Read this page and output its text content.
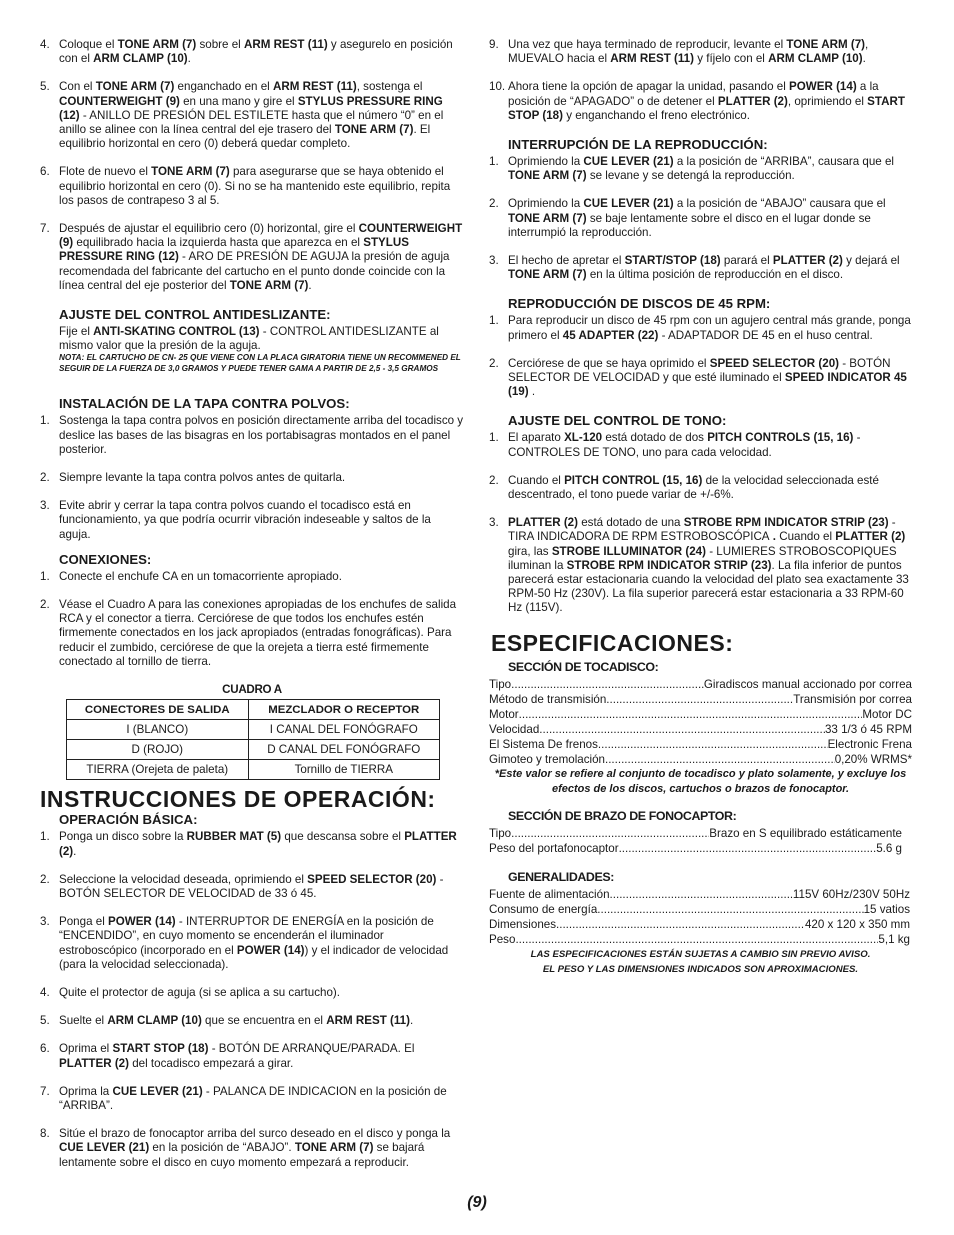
4. Coloque el TONE ARM (7) sobre el ARM REST (11) y asegurelo en posición con el ARM CLAMP (10).
5. Con el TONE ARM (7) enganchado en el ARM REST (11), sostenga el COUNTERWEIGHT (9) en una mano y gire el STYLUS PRESSURE RING (12) - ANILLO DE PRESIÓN DEL ESTILETE hasta que el número “0” en el anillo se alinee con la línea central del eje trasero del TONE ARM (7). El equilibrio horizontal en cero (0) deberá quedar completo.
6. Flote de nuevo el TONE ARM (7) para asegurarse que se haya obtenido el equilibrio horizontal en cero (0). Si no se ha mantenido este equilibrio, repita los pasos de contrapeso 3 al 5.
7. Después de ajustar el equilibrio cero (0) horizontal, gire el COUNTERWEIGHT (9) equilibrado hacia la izquierda hasta que aparezca en el STYLUS PRESSURE RING (12) - ARO DE PRESIÓN DE AGUJA la presión de aguja recomendada del fabricante del cartucho en el punto donde coincide con la línea central del eje posterior del TONE ARM (7).
AJUSTE DEL CONTROL ANTIDESLIZANTE:
Fije el ANTI-SKATING CONTROL (13) - CONTROL ANTIDESLIZANTE al mismo valor que la presión de la aguja.
NOTA: EL CARTUCHO DE CN- 25 QUE VIENE CON LA PLACA GIRATORIA TIENE UN RECOMMENED EL SEGUIR DE LA FUERZA DE 3,0 GRAMOS Y PUEDE TENER GAMA A PARTIR DE 2,5 - 3,5 GRAMOS
INSTALACIÓN DE LA TAPA CONTRA POLVOS:
1. Sostenga la tapa contra polvos en posición directamente arriba del tocadisco y deslice las bases de las bisagras en los portabisagras montados en el panel posterior.
2. Siempre levante la tapa contra polvos antes de quitarla.
3. Evite abrir y cerrar la tapa contra polvos cuando el tocadisco está en funcionamiento, ya que podría ocurrir vibración indeseable y saltos de la aguja.
CONEXIONES:
1. Conecte el enchufe CA en un tomacorriente apropiado.
2. Véase el Cuadro A para las conexiones apropiadas de los enchufes de salida RCA y el conector a tierra. Cerciórese de que todos los enchufes estén firmemente conectados en los jack apropiados (entradas fonográficas). Para reducir el zumbido, cerciórese de que la orejeta a tierra esté firmemente conectado al tornillo de tierra.
CUADRO A
CONECTORES DE SALIDA	MEZCLADOR O RECEPTOR
I (BLANCO)	I CANAL DEL FONÓGRAFO
D (ROJO)	D CANAL DEL FONÓGRAFO
TIERRA (Orejeta de paleta)	Tornillo de TIERRA
INSTRUCCIONES DE OPERACIÓN:
OPERACIÓN BÁSICA:
1. Ponga un disco sobre la RUBBER MAT (5) que descansa sobre el PLATTER (2).
2. Seleccione la velocidad deseada, oprimiendo el SPEED SELECTOR (20) - BOTÓN SELECTOR DE VELOCIDAD de 33 ó 45.
3. Ponga el POWER (14) - INTERRUPTOR DE ENERGÍA en la posición de “ENCENDIDO”, en cuyo momento se encenderán el iluminador estroboscópico (incorporado en el POWER (14)) y el indicador de velocidad (para la velocidad seleccionada).
4. Quite el protector de aguja (si se aplica a su cartucho).
5. Suelte el ARM CLAMP (10) que se encuentra en el ARM REST (11).
6. Oprima el START STOP (18) - BOTÓN DE ARRANQUE/PARADA. El PLATTER (2) del tocadisco empezará a girar.
7. Oprima la CUE LEVER (21) - PALANCA DE INDICACION en la posición de “ARRIBA”.
8. Sitúe el brazo de fonocaptor arriba del surco deseado en el disco y ponga la CUE LEVER (21) en la posición de “ABAJO”. TONE ARM (7) se bajará lentamente sobre el disco en cuyo momento empezará a reproducir.
9. Una vez que haya terminado de reproducir, levante el TONE ARM (7), MUEVALO hacia el ARM REST (11) y fíjelo con el ARM CLAMP (10).
10. Ahora tiene la opción de apagar la unidad, pasando el POWER (14) a la posición de “APAGADO” o de detener el PLATTER (2), oprimiendo el START STOP (18) y enganchando el freno electrónico.
INTERRUPCIÓN DE LA REPRODUCCIÓN:
1. Oprimiendo la CUE LEVER (21) a la posición de “ARRIBA”, causara que el TONE ARM (7) se levane y se detengá la reproducción.
2. Oprimiendo la CUE LEVER (21) a la posición de “ABAJO” causara que el TONE ARM (7) se baje lentamente sobre el disco en el lugar donde se interrumpió la reproducción.
3. El hecho de apretar el START/STOP (18) parará el PLATTER (2) y dejará el TONE ARM (7) en la última posición de reproducción en el disco.
REPRODUCCIÓN DE DISCOS DE 45 RPM:
1. Para reproducir un disco de 45 rpm con un agujero central más grande, ponga primero el 45 ADAPTER (22) - ADAPTADOR DE 45 en el huso central.
2. Cerciórese de que se haya oprimido el SPEED SELECTOR (20) - BOTÓN SELECTOR DE VELOCIDAD y que esté iluminado el SPEED INDICATOR 45 (19) .
AJUSTE DEL CONTROL DE TONO:
1. El aparato XL-120 está dotado de dos PITCH CONTROLS (15, 16) - CONTROLES DE TONO, uno para cada velocidad.
2. Cuando el PITCH CONTROL (15, 16) de la velocidad seleccionada esté descentrado, el tono puede variar de +/-6%.
3. PLATTER (2) está dotado de una STROBE RPM INDICATOR STRIP (23) - TIRA INDICADORA DE RPM ESTROBOSCÓPICA . Cuando el PLATTER (2) gira, las STROBE ILLUMINATOR (24) - LUMIERES STROBOSCOPIQUES iluminan la STROBE RPM INDICATOR STRIP (23). La fila inferior de puntos parecerá estar estacionaria cuando la velocidad del plato sea exactamente 33 RPM-50 Hz (230V). La fila superior parecerá estar estacionaria a 33 RPM-60 Hz (115V).
ESPECIFICACIONES:
SECCIÓN DE TOCADISCO:
Tipo .....	Giradiscos manual accionado por correa
Método de transmisión .....	Transmisión por correa
Motor .....	Motor DC
Velocidad .....	33 1/3 ó 45 RPM
El Sistema De frenos .....	Electronic Frena
Gimoteo y tremolación .....	0,20% WRMS*
*Este valor se refiere al conjunto de tocadisco y plato solamente, y excluye los efectos de los discos, cartuchos o brazos de fonocaptor.
SECCIÓN DE BRAZO DE FONOCAPTOR:
Tipo .....	Brazo en S equilibrado estáticamente
Peso del portafonocaptor .....	5.6 g
GENERALIDADES:
Fuente de alimentación .....	115V 60Hz/230V 50Hz
Consumo de energía .....	15 vatios
Dimensiones .....	420 x 120 x 350 mm
Peso .....	5,1 kg
LAS ESPECIFICACIONES ESTÁN SUJETAS A CAMBIO SIN PREVIO AVISO.
EL PESO Y LAS DIMENSIONES INDICADOS SON APROXIMACIONES.
(9)
